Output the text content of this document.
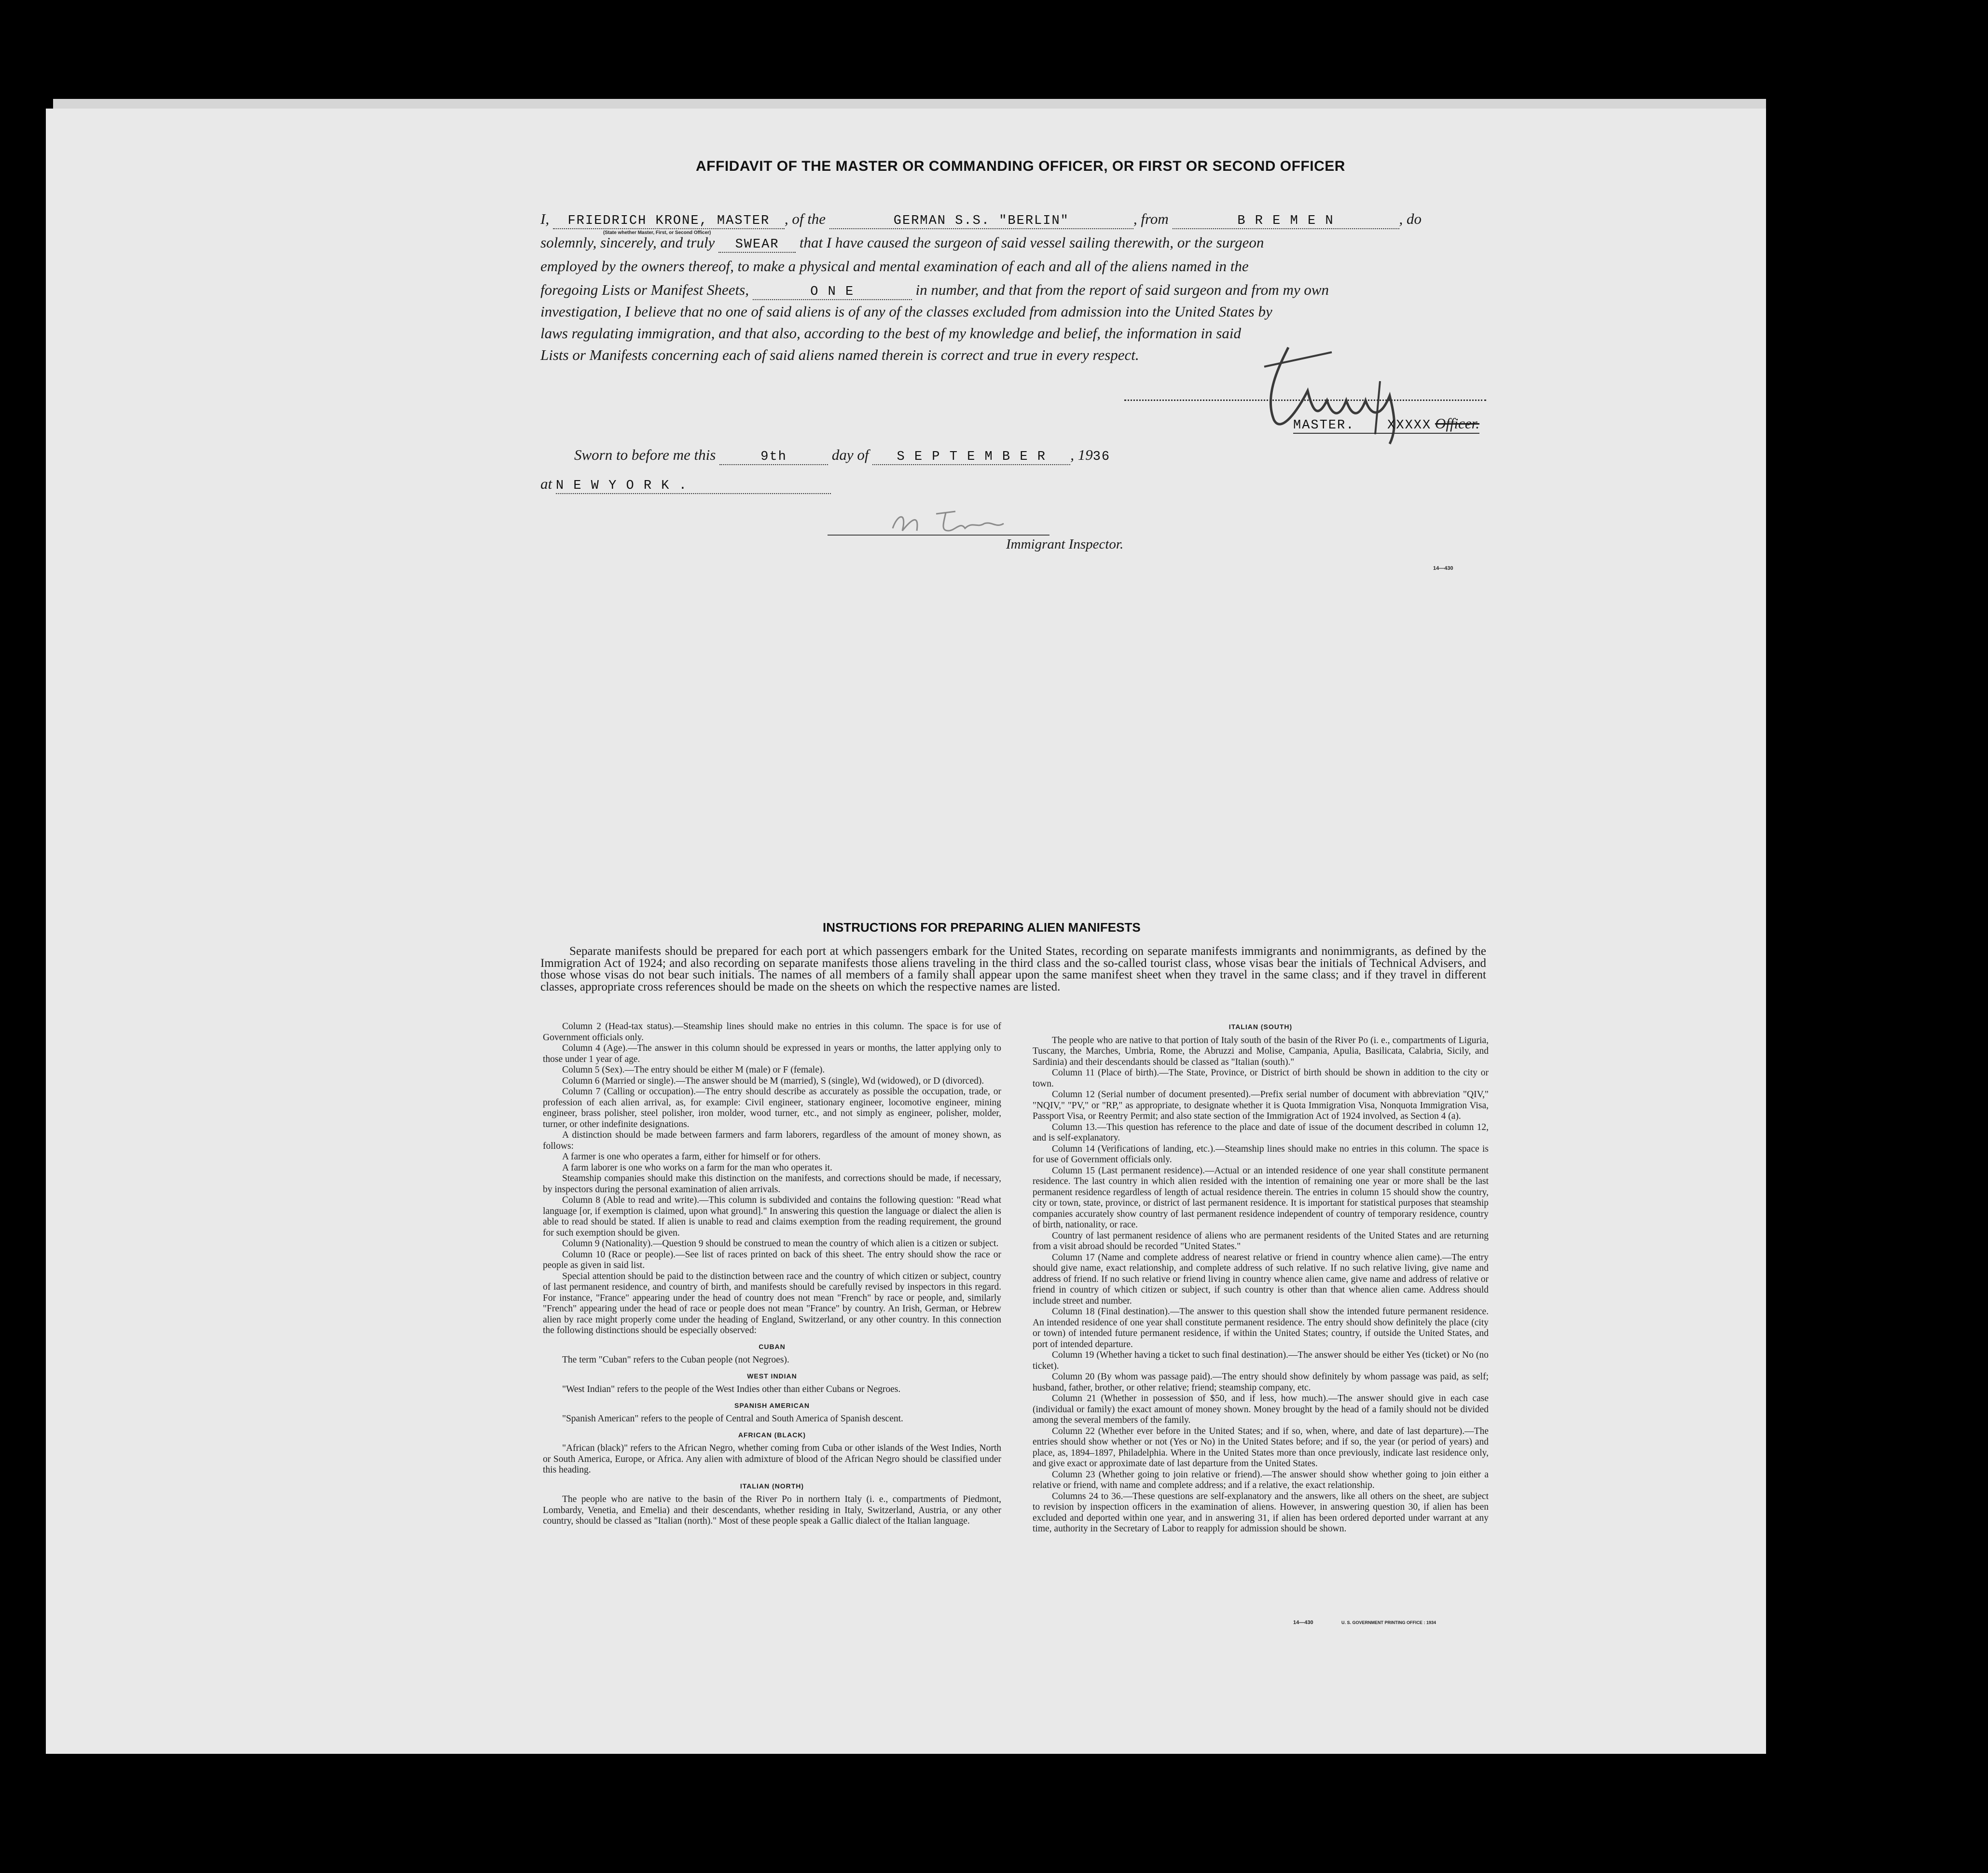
AFFIDAVIT OF THE MASTER OR COMMANDING OFFICER, OR FIRST OR SECOND OFFICER
I, FRIEDRICH KRONE, MASTER , of the	GERMAN S.S. "BERLIN"	, from	B R E M E N	, do
(State whether Master, First, or Second Officer)
solemnly, sincerely, and truly SWEAR that I have caused the surgeon of said vessel sailing therewith, or the surgeon
employed by the owners thereof, to make a physical and mental examination of each and all of the aliens named in the
foregoing Lists or Manifest Sheets,	O N E	in number, and that from the report of said surgeon and from my own
investigation, I believe that no one of said aliens is of any of the classes excluded from admission into the United States by
laws regulating immigration, and that also, according to the best of my knowledge and belief, the information in said
Lists or Manifests concerning each of said aliens named therein is correct and true in every respect.
MASTER.	XXXXX Officer.
Sworn to before me this	9th	day of S E P T E M B E R , 1936
at N E W Y O R K .
Immigrant Inspector.
14—430
INSTRUCTIONS FOR PREPARING ALIEN MANIFESTS
Separate manifests should be prepared for each port at which passengers embark for the United States, recording on separate manifests immigrants and nonimmigrants, as defined by the Immigration Act of 1924; and also recording on separate manifests those aliens traveling in the third class and the so-called tourist class, whose visas bear the initials of Technical Advisers, and those whose visas do not bear such initials. The names of all members of a family shall appear upon the same manifest sheet when they travel in the same class; and if they travel in different classes, appropriate cross references should be made on the sheets on which the respective names are listed.

Column 2 (Head-tax status).—Steamship lines should make no entries in this column. The space is for use of Government officials only.

Column 4 (Age).—The answer in this column should be expressed in years or months, the latter applying only to those under 1 year of age.

Column 5 (Sex).—The entry should be either M (male) or F (female).

Column 6 (Married or single).—The answer should be M (married), S (single), Wd (widowed), or D (divorced).

Column 7 (Calling or occupation).—The entry should describe as accurately as possible the occupation, trade, or profession of each alien arrival, as, for example: Civil engineer, stationary engineer, locomotive engineer, mining engineer, brass polisher, steel polisher, iron molder, wood turner, etc., and not simply as engineer, polisher, molder, turner, or other indefinite designations.

A distinction should be made between farmers and farm laborers, regardless of the amount of money shown, as follows:

A farmer is one who operates a farm, either for himself or for others.

A farm laborer is one who works on a farm for the man who operates it.

Steamship companies should make this distinction on the manifests, and corrections should be made, if necessary, by inspectors during the personal examination of alien arrivals.

Column 8 (Able to read and write).—This column is subdivided and contains the following question: "Read what language [or, if exemption is claimed, upon what ground]." In answering this question the language or dialect the alien is able to read should be stated. If alien is unable to read and claims exemption from the reading requirement, the ground for such exemption should be given.

Column 9 (Nationality).—Question 9 should be construed to mean the country of which alien is a citizen or subject.

Column 10 (Race or people).—See list of races printed on back of this sheet. The entry should show the race or people as given in said list.

Special attention should be paid to the distinction between race and the country of which citizen or subject, country of last permanent residence, and country of birth, and manifests should be carefully revised by inspectors in this regard. For instance, "France" appearing under the head of country does not mean "French" by race or people, and, similarly "French" appearing under the head of race or people does not mean "France" by country. An Irish, German, or Hebrew alien by race might properly come under the heading of England, Switzerland, or any other country. In this connection the following distinctions should be especially observed:

CUBAN

The term "Cuban" refers to the Cuban people (not Negroes).

WEST INDIAN

"West Indian" refers to the people of the West Indies other than either Cubans or Negroes.

SPANISH AMERICAN

"Spanish American" refers to the people of Central and South America of Spanish descent.

AFRICAN (BLACK)

"African (black)" refers to the African Negro, whether coming from Cuba or other islands of the West Indies, North or South America, Europe, or Africa. Any alien with admixture of blood of the African Negro should be classified under this heading.

ITALIAN (NORTH)

The people who are native to the basin of the River Po in northern Italy (i. e., compartments of Piedmont, Lombardy, Venetia, and Emelia) and their descendants, whether residing in Italy, Switzerland, Austria, or any other country, should be classed as "Italian (north)." Most of these people speak a Gallic dialect of the Italian language.

ITALIAN (SOUTH)

The people who are native to that portion of Italy south of the basin of the River Po (i. e., compartments of Liguria, Tuscany, the Marches, Umbria, Rome, the Abruzzi and Molise, Campania, Apulia, Basilicata, Calabria, Sicily, and Sardinia) and their descendants should be classed as "Italian (south)."

Column 11 (Place of birth).—The State, Province, or District of birth should be shown in addition to the city or town.

Column 12 (Serial number of document presented).—Prefix serial number of document with abbreviation "QIV," "NQIV," "PV," or "RP," as appropriate, to designate whether it is Quota Immigration Visa, Nonquota Immigration Visa, Passport Visa, or Reentry Permit; and also state section of the Immigration Act of 1924 involved, as Section 4 (a).

Column 13.—This question has reference to the place and date of issue of the document described in column 12, and is self-explanatory.

Column 14 (Verifications of landing, etc.).—Steamship lines should make no entries in this column. The space is for use of Government officials only.

Column 15 (Last permanent residence).—Actual or an intended residence of one year shall constitute permanent residence. The last country in which alien resided with the intention of remaining one year or more shall be the last permanent residence regardless of length of actual residence therein. The entries in column 15 should show the country, city or town, state, province, or district of last permanent residence. It is important for statistical purposes that steamship companies accurately show country of last permanent residence independent of country of temporary residence, country of birth, nationality, or race.

Country of last permanent residence of aliens who are permanent residents of the United States and are returning from a visit abroad should be recorded "United States."

Column 17 (Name and complete address of nearest relative or friend in country whence alien came).—The entry should give name, exact relationship, and complete address of such relative. If no such relative living, give name and address of friend. If no such relative or friend living in country whence alien came, give name and address of relative or friend in country of which citizen or subject, if such country is other than that whence alien came. Address should include street and number.

Column 18 (Final destination).—The answer to this question shall show the intended future permanent residence. An intended residence of one year shall constitute permanent residence. The entry should show definitely the place (city or town) of intended future permanent residence, if within the United States; country, if outside the United States, and port of intended departure.

Column 19 (Whether having a ticket to such final destination).—The answer should be either Yes (ticket) or No (no ticket).

Column 20 (By whom was passage paid).—The entry should show definitely by whom passage was paid, as self; husband, father, brother, or other relative; friend; steamship company, etc.

Column 21 (Whether in possession of $50, and if less, how much).—The answer should give in each case (individual or family) the exact amount of money shown. Money brought by the head of a family should not be divided among the several members of the family.

Column 22 (Whether ever before in the United States; and if so, when, where, and date of last departure).—The entries should show whether or not (Yes or No) in the United States before; and if so, the year (or period of years) and place, as, 1894–1897, Philadelphia. Where in the United States more than once previously, indicate last residence only, and give exact or approximate date of last departure from the United States.

Column 23 (Whether going to join relative or friend).—The answer should show whether going to join either a relative or friend, with name and complete address; and if a relative, the exact relationship.

Columns 24 to 36.—These questions are self-explanatory and the answers, like all others on the sheet, are subject to revision by inspection officers in the examination of aliens. However, in answering question 30, if alien has been excluded and deported within one year, and in answering 31, if alien has been ordered deported under warrant at any time, authority in the Secretary of Labor to reapply for admission should be shown.

14—430	U. S. GOVERNMENT PRINTING OFFICE : 1934
